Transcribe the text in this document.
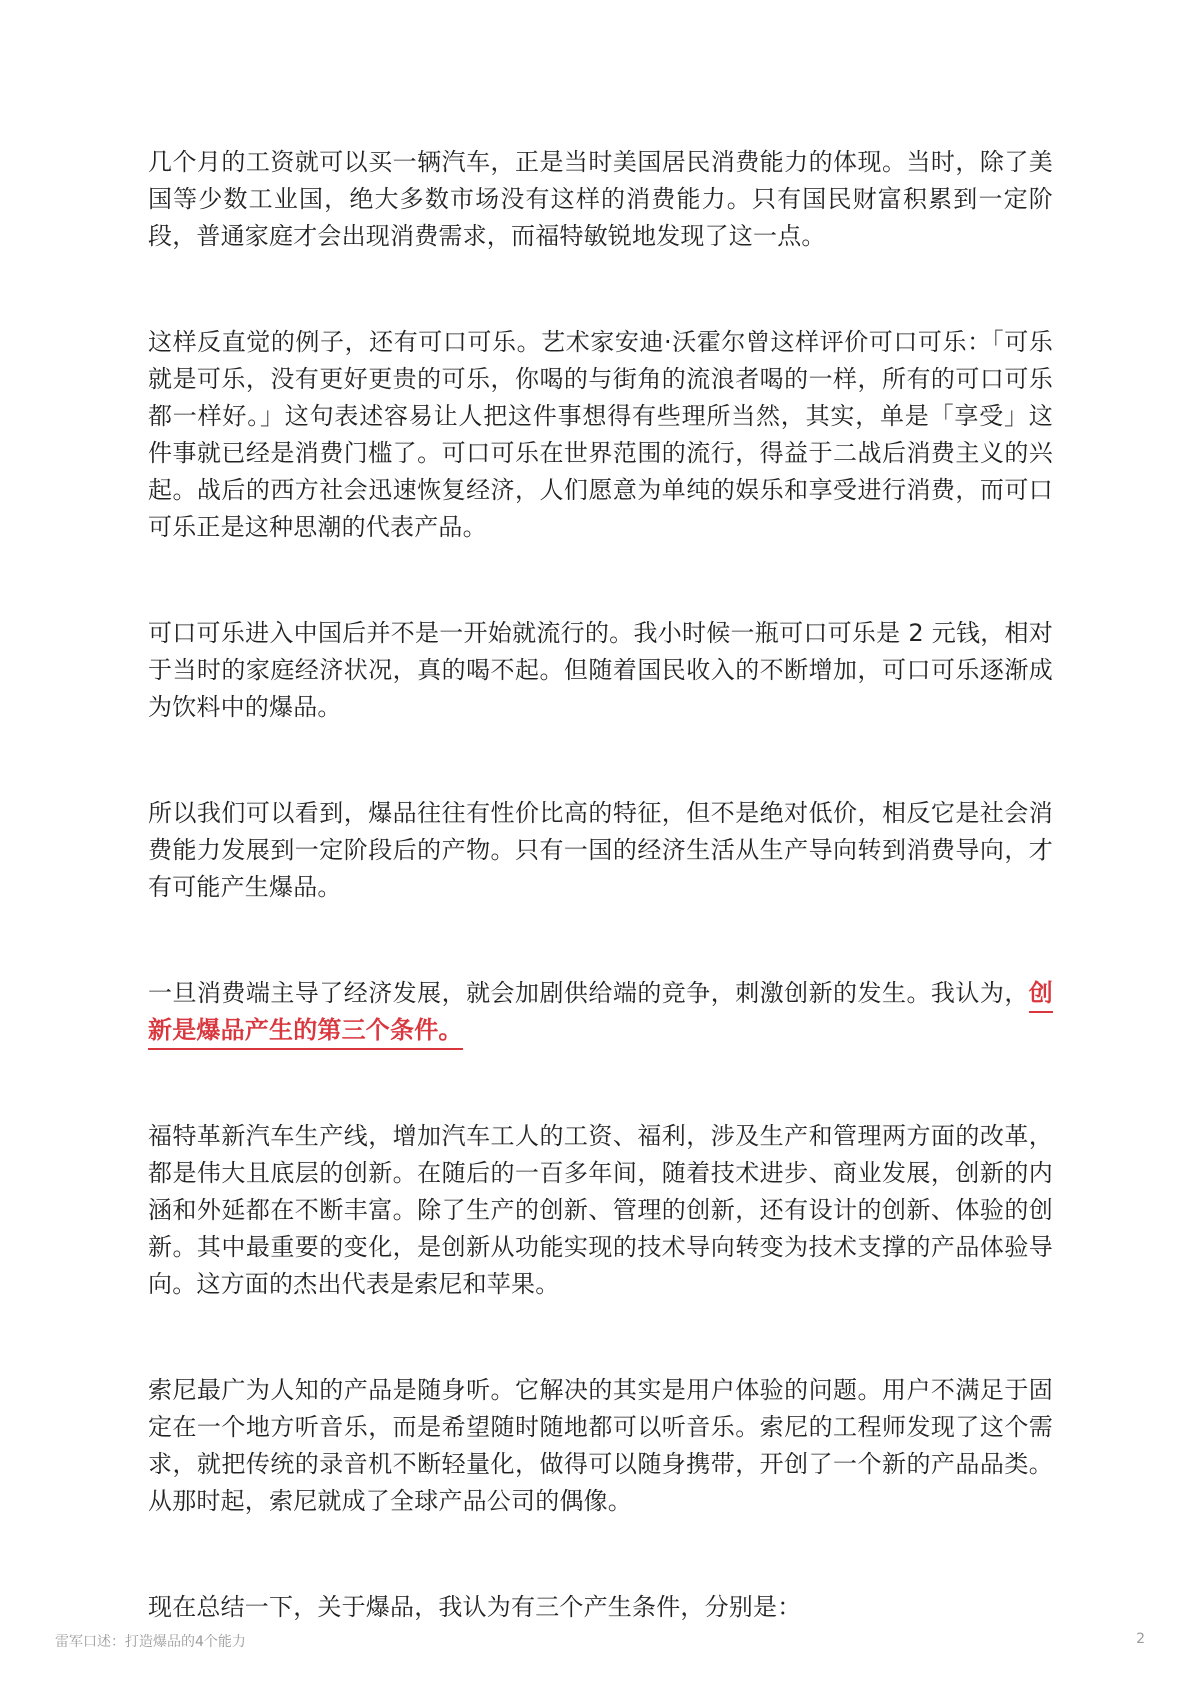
几个月的工资就可以买一辆汽车，正是当时美国居民消费能力的体现。当时，除了美国等少数工业国，绝大多数市场没有这样的消费能力。只有国民财富积累到一定阶段，普通家庭才会出现消费需求，而福特敏锐地发现了这一点。

这样反直觉的例子，还有可口可乐。艺术家安迪·沃霍尔曾这样评价可口可乐：「可乐就是可乐，没有更好更贵的可乐，你喝的与街角的流浪者喝的一样，所有的可口可乐都一样好。」这句表述容易让人把这件事想得有些理所当然，其实，单是「享受」这件事就已经是消费门槛了。可口可乐在世界范围的流行，得益于二战后消费主义的兴起。战后的西方社会迅速恢复经济，人们愿意为单纯的娱乐和享受进行消费，而可口可乐正是这种思潮的代表产品。

可口可乐进入中国后并不是一开始就流行的。我小时候一瓶可口可乐是 2 元钱，相对于当时的家庭经济状况，真的喝不起。但随着国民收入的不断增加，可口可乐逐渐成为饮料中的爆品。

所以我们可以看到，爆品往往有性价比高的特征，但不是绝对低价，相反它是社会消费能力发展到一定阶段后的产物。只有一国的经济生活从生产导向转到消费导向，才有可能产生爆品。

一旦消费端主导了经济发展，就会加剧供给端的竞争，刺激创新的发生。我认为，创新是爆品产生的第三个条件。

福特革新汽车生产线，增加汽车工人的工资、福利，涉及生产和管理两方面的改革，都是伟大且底层的创新。在随后的一百多年间，随着技术进步、商业发展，创新的内涵和外延都在不断丰富。除了生产的创新、管理的创新，还有设计的创新、体验的创新。其中最重要的变化，是创新从功能实现的技术导向转变为技术支撑的产品体验导向。这方面的杰出代表是索尼和苹果。

索尼最广为人知的产品是随身听。它解决的其实是用户体验的问题。用户不满足于固定在一个地方听音乐，而是希望随时随地都可以听音乐。索尼的工程师发现了这个需求，就把传统的录音机不断轻量化，做得可以随身携带，开创了一个新的产品品类。从那时起，索尼就成了全球产品公司的偶像。

现在总结一下，关于爆品，我认为有三个产生条件，分别是：

雷军口述：打造爆品的4个能力	2
